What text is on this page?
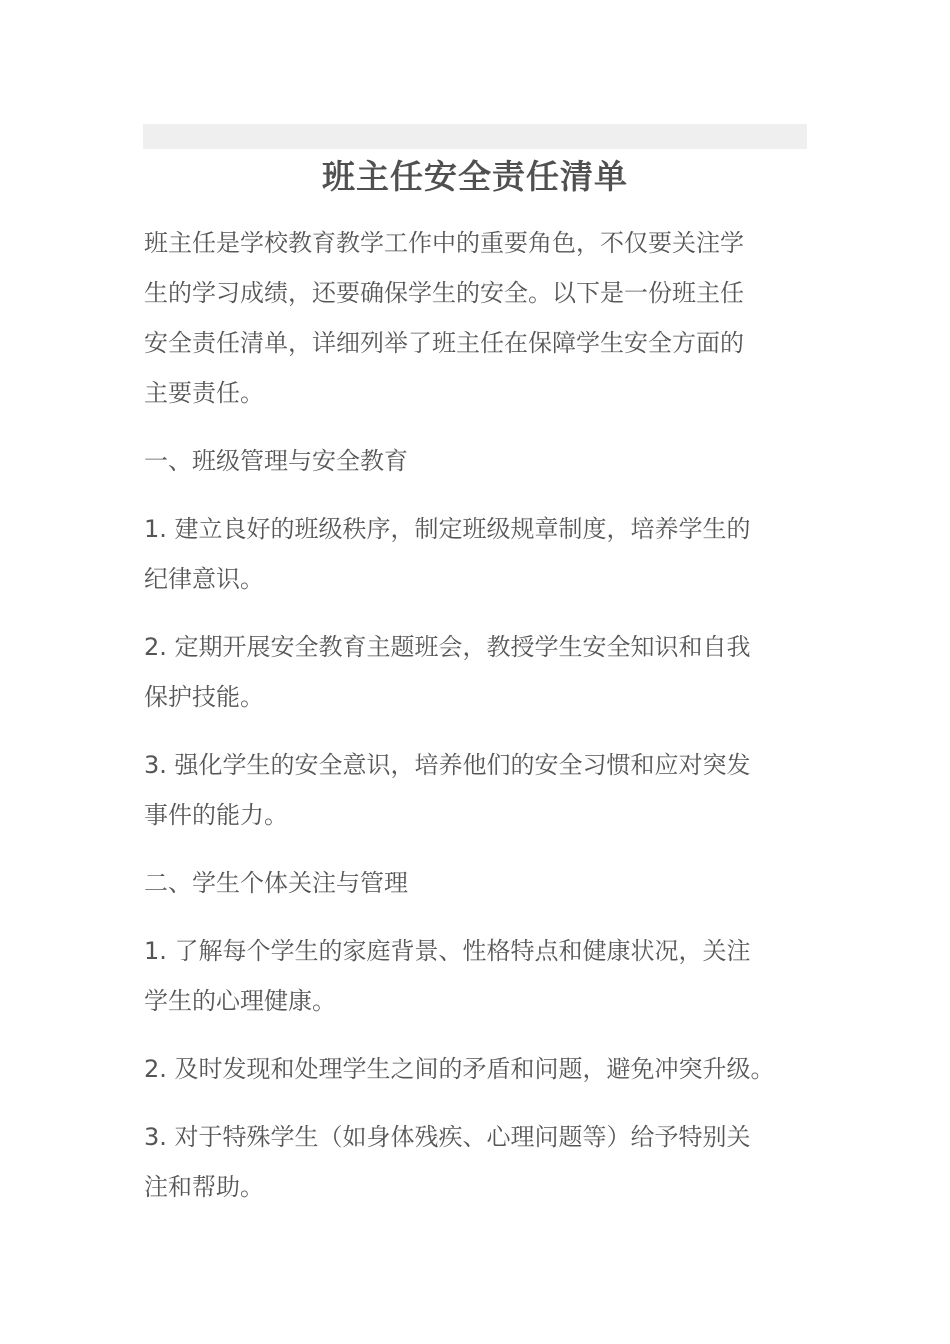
班主任安全责任清单
班主任是学校教育教学工作中的重要角色，不仅要关注学
生的学习成绩，还要确保学生的安全。以下是一份班主任
安全责任清单，详细列举了班主任在保障学生安全方面的
主要责任。
一、班级管理与安全教育
1. 建立良好的班级秩序，制定班级规章制度，培养学生的
纪律意识。
2. 定期开展安全教育主题班会，教授学生安全知识和自我
保护技能。
3. 强化学生的安全意识，培养他们的安全习惯和应对突发
事件的能力。
二、学生个体关注与管理
1. 了解每个学生的家庭背景、性格特点和健康状况，关注
学生的心理健康。
2. 及时发现和处理学生之间的矛盾和问题，避免冲突升级。
3. 对于特殊学生（如身体残疾、心理问题等）给予特别关
注和帮助。
